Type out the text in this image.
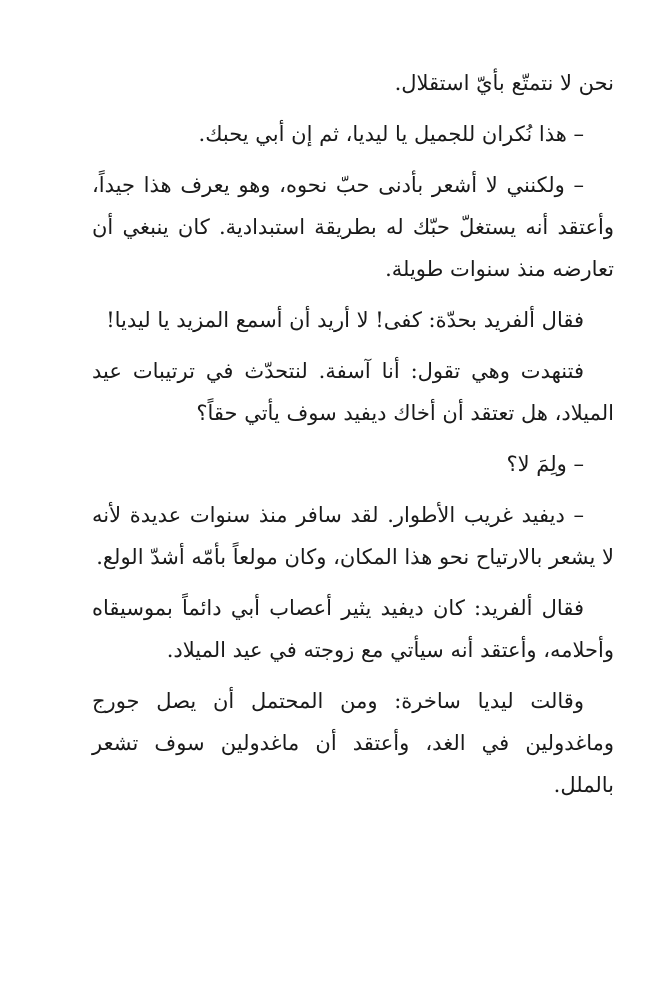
نحن لا نتمتّع بأيّ استقلال.

– هذا نُكران للجميل يا ليديا، ثم إن أبي يحبك.

– ولكنني لا أشعر بأدنى حبّ نحوه، وهو يعرف هذا جيداً، وأعتقد أنه يستغلّ حبّك له بطريقة استبدادية. كان ينبغي أن تعارضه منذ سنوات طويلة.

فقال ألفريد بحدّة: كفى! لا أريد أن أسمع المزيد يا ليديا!

فتنهدت وهي تقول: أنا آسفة. لنتحدّث في ترتيبات عيد الميلاد، هل تعتقد أن أخاك ديفيد سوف يأتي حقاً؟

– ولِمَ لا؟

– ديفيد غريب الأطوار. لقد سافر منذ سنوات عديدة لأنه لا يشعر بالارتياح نحو هذا المكان، وكان مولعاً بأمّه أشدّ الولع.

فقال ألفريد: كان ديفيد يثير أعصاب أبي دائماً بموسيقاه وأحلامه، وأعتقد أنه سيأتي مع زوجته في عيد الميلاد.

وقالت ليديا ساخرة: ومن المحتمل أن يصل جورج وماغدولين في الغد، وأعتقد أن ماغدولين سوف تشعر بالملل.
